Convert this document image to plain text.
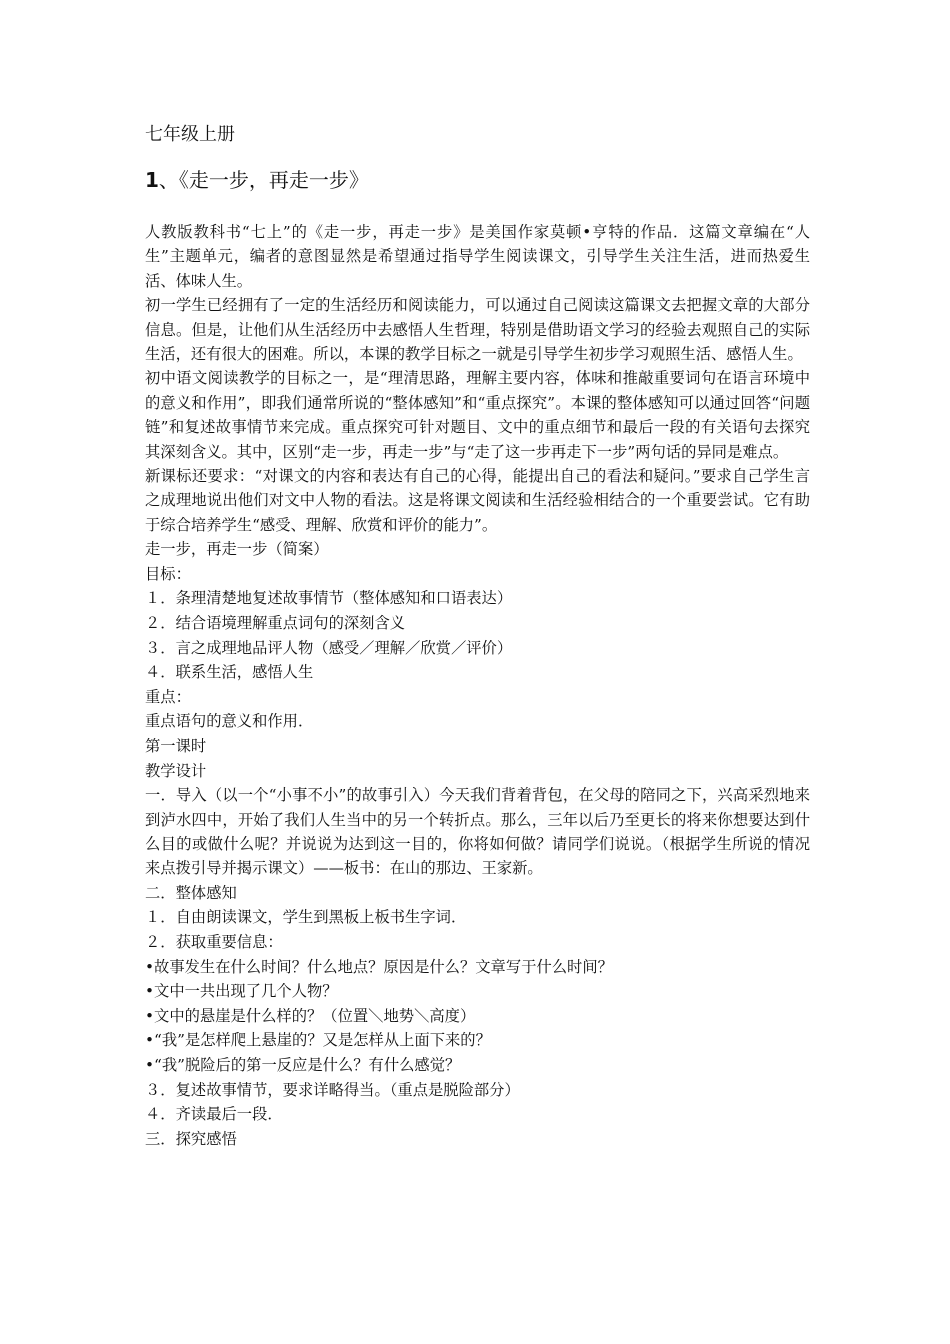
七年级上册
1、《走一步，再走一步》

人教版教科书“七上”的《走一步，再走一步》是美国作家莫顿•亨特的作品．这篇文章编在“人生”主题单元，编者的意图显然是希望通过指导学生阅读课文，引导学生关注生活，进而热爱生活、体味人生。

初一学生已经拥有了一定的生活经历和阅读能力，可以通过自己阅读这篇课文去把握文章的大部分信息。但是，让他们从生活经历中去感悟人生哲理，特别是借助语文学习的经验去观照自己的实际生活，还有很大的困难。所以，本课的教学目标之一就是引导学生初步学习观照生活、感悟人生。

初中语文阅读教学的目标之一，是“理清思路，理解主要内容，体味和推敲重要词句在语言环境中的意义和作用”，即我们通常所说的“整体感知”和“重点探究”。本课的整体感知可以通过回答“问题链”和复述故事情节来完成。重点探究可针对题目、文中的重点细节和最后一段的有关语句去探究其深刻含义。其中，区别“走一步，再走一步”与“走了这一步再走下一步”两句话的异同是难点。

新课标还要求：“对课文的内容和表达有自己的心得，能提出自己的看法和疑问。”要求自己学生言之成理地说出他们对文中人物的看法。这是将课文阅读和生活经验相结合的一个重要尝试。它有助于综合培养学生“感受、理解、欣赏和评价的能力”。

走一步，再走一步（简案）
目标：
１．条理清楚地复述故事情节（整体感知和口语表达）
２．结合语境理解重点词句的深刻含义
３．言之成理地品评人物（感受／理解／欣赏／评价）
４．联系生活，感悟人生
重点：
重点语句的意义和作用．
第一课时
教学设计

一．导入（以一个“小事不小”的故事引入）今天我们背着背包，在父母的陪同之下，兴高采烈地来到泸水四中，开始了我们人生当中的另一个转折点。那么，三年以后乃至更长的将来你想要达到什么目的或做什么呢？并说说为达到这一目的，你将如何做？请同学们说说。（根据学生所说的情况来点拨引导并揭示课文）——板书：在山的那边、王家新。

二．整体感知
１．自由朗读课文，学生到黑板上板书生字词．
２．获取重要信息：
•故事发生在什么时间？什么地点？原因是什么？文章写于什么时间？
•文中一共出现了几个人物？
•文中的悬崖是什么样的？（位置＼地势＼高度）
•“我”是怎样爬上悬崖的？又是怎样从上面下来的？
•“我”脱险后的第一反应是什么？有什么感觉？
３．复述故事情节，要求详略得当。（重点是脱险部分）
４．齐读最后一段．
三．探究感悟
